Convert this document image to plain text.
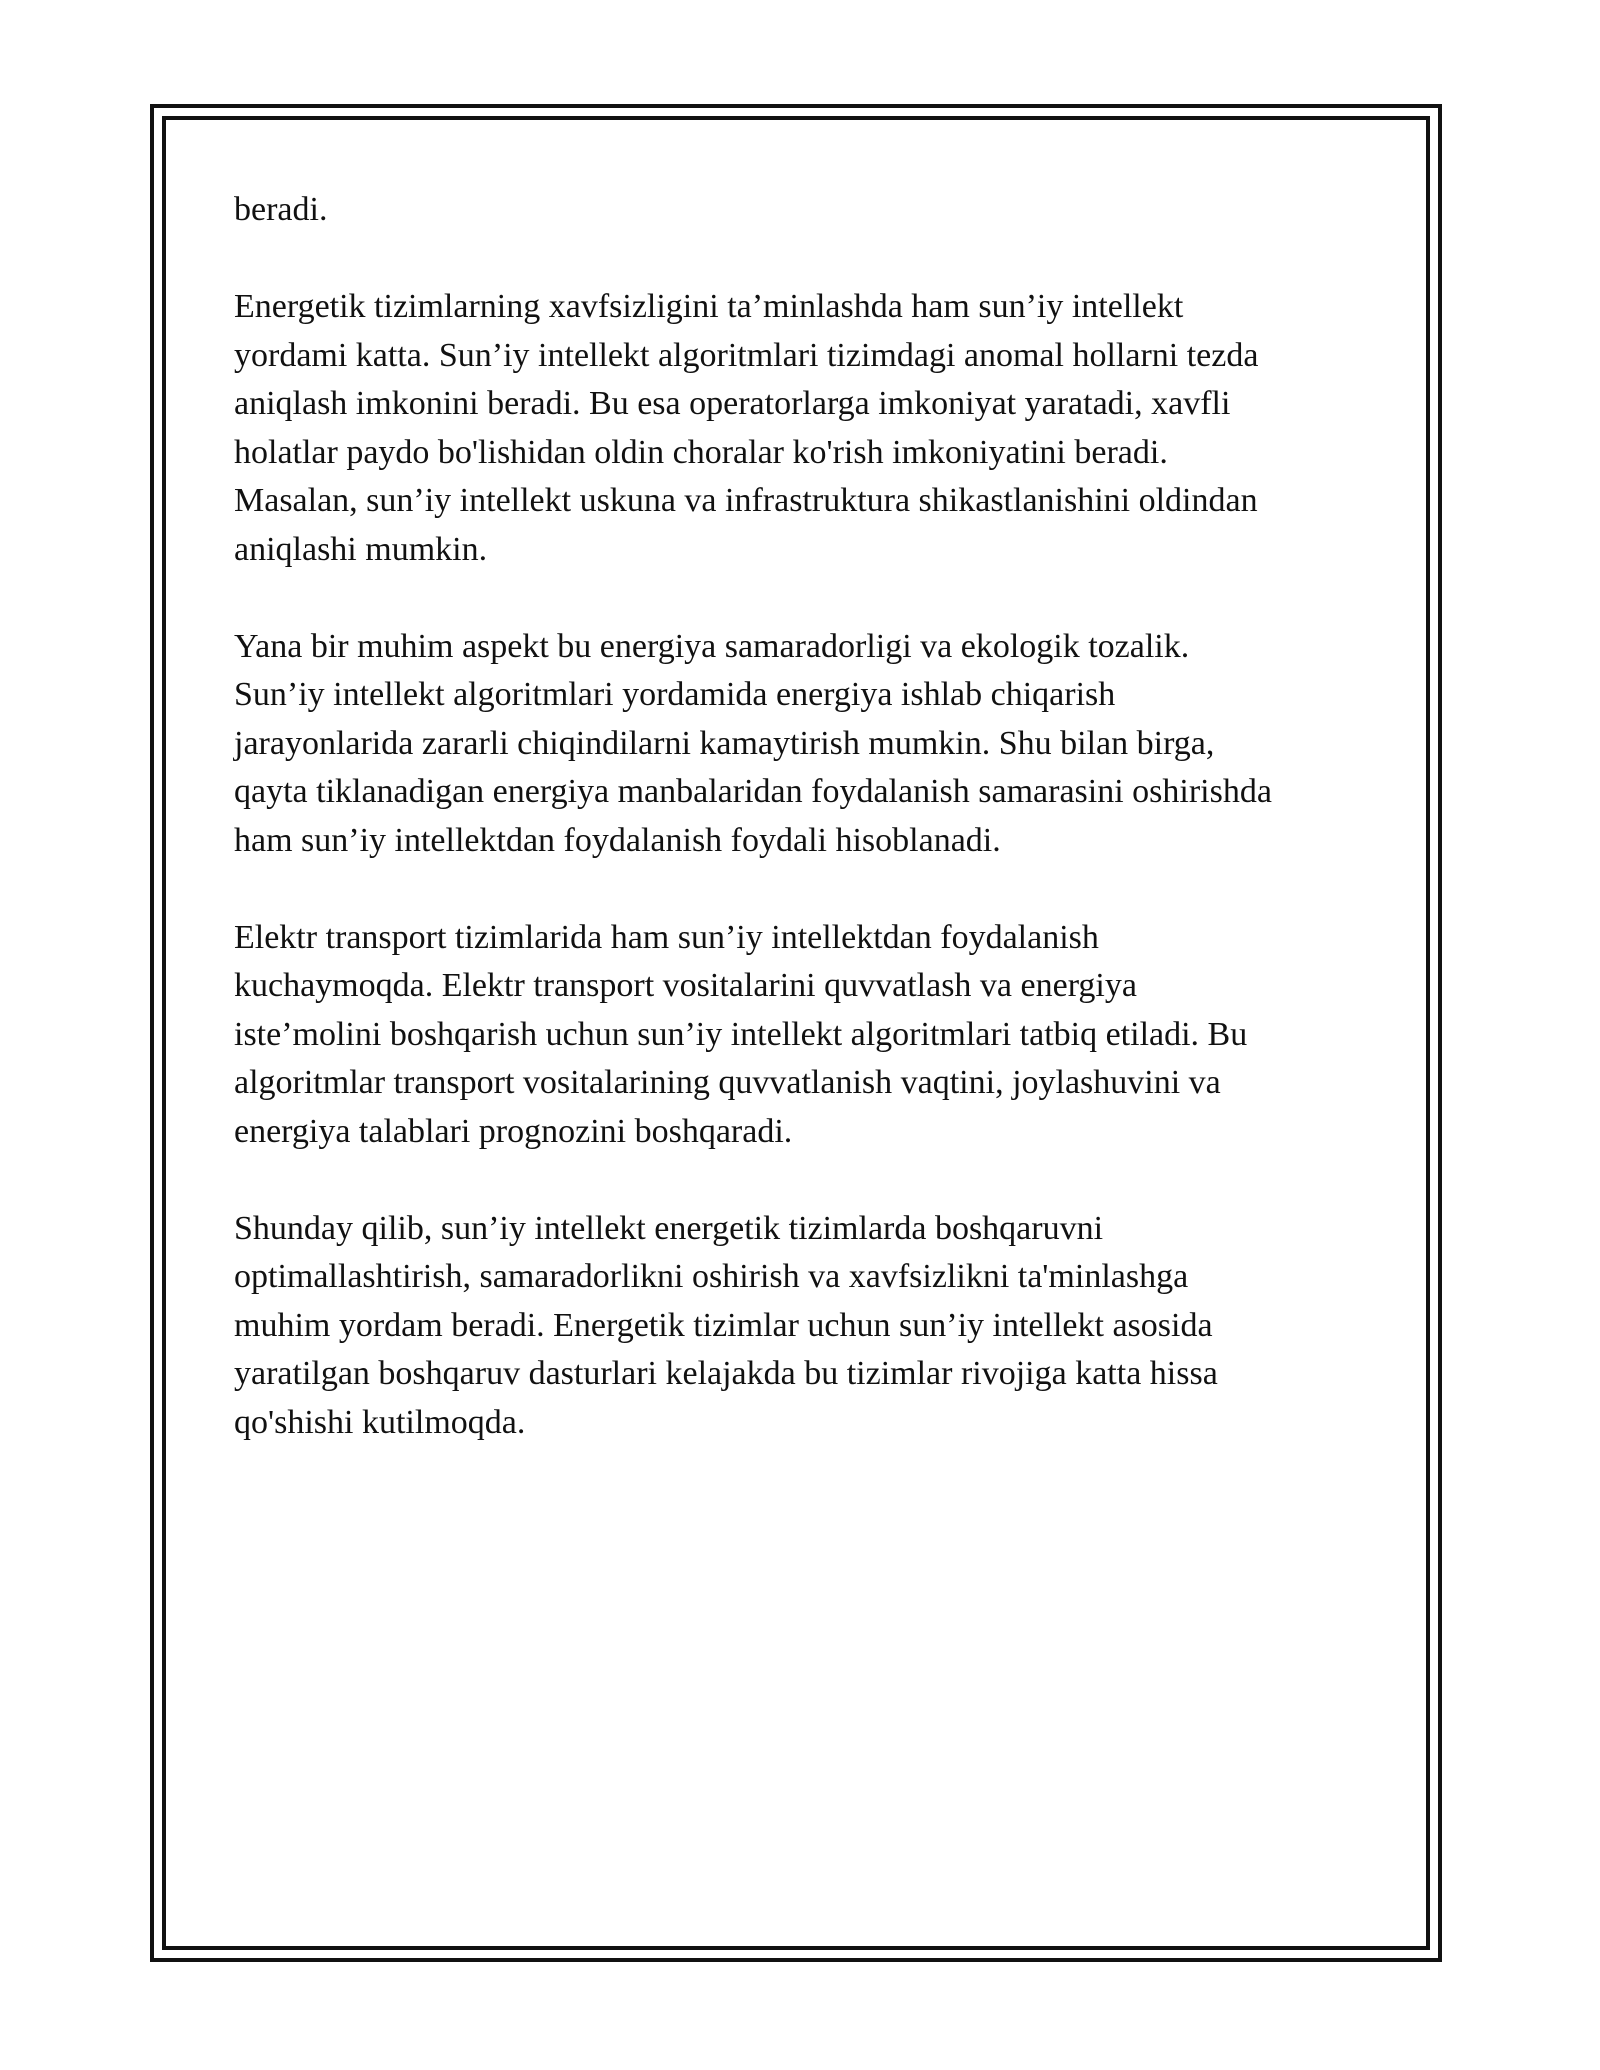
beradi.

Energetik tizimlarning xavfsizligini ta’minlashda ham sun’iy intellekt
yordami katta. Sun’iy intellekt algoritmlari tizimdagi anomal hollarni tezda
aniqlash imkonini beradi. Bu esa operatorlarga imkoniyat yaratadi, xavfli
holatlar paydo bo'lishidan oldin choralar ko'rish imkoniyatini beradi.
Masalan, sun’iy intellekt uskuna va infrastruktura shikastlanishini oldindan
aniqlashi mumkin.

Yana bir muhim aspekt bu energiya samaradorligi va ekologik tozalik.
Sun’iy intellekt algoritmlari yordamida energiya ishlab chiqarish
jarayonlarida zararli chiqindilarni kamaytirish mumkin. Shu bilan birga,
qayta tiklanadigan energiya manbalaridan foydalanish samarasini oshirishda
ham sun’iy intellektdan foydalanish foydali hisoblanadi.

Elektr transport tizimlarida ham sun’iy intellektdan foydalanish
kuchaymoqda. Elektr transport vositalarini quvvatlash va energiya
iste’molini boshqarish uchun sun’iy intellekt algoritmlari tatbiq etiladi. Bu
algoritmlar transport vositalarining quvvatlanish vaqtini, joylashuvini va
energiya talablari prognozini boshqaradi.

Shunday qilib, sun’iy intellekt energetik tizimlarda boshqaruvni
optimallashtirish, samaradorlikni oshirish va xavfsizlikni ta'minlashga
muhim yordam beradi. Energetik tizimlar uchun sun’iy intellekt asosida
yaratilgan boshqaruv dasturlari kelajakda bu tizimlar rivojiga katta hissa
qo'shishi kutilmoqda.
